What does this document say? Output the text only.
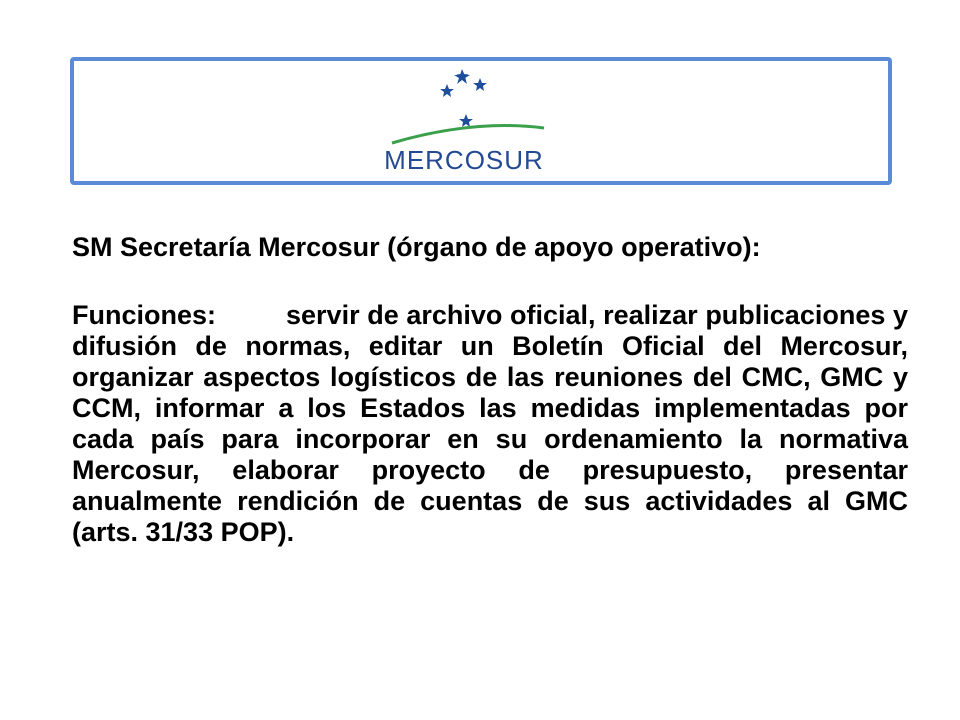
MERCOSUR

SM Secretaría Mercosur (órgano de apoyo operativo):

Funciones:	servir de archivo oficial, realizar publicaciones y difusión de normas, editar un Boletín Oficial del Mercosur, organizar aspectos logísticos de las reuniones del CMC, GMC y CCM, informar a los Estados las medidas implementadas por cada país para incorporar en su ordenamiento la normativa Mercosur, elaborar proyecto de presupuesto, presentar anualmente rendición de cuentas de sus actividades al GMC (arts. 31/33 POP).
